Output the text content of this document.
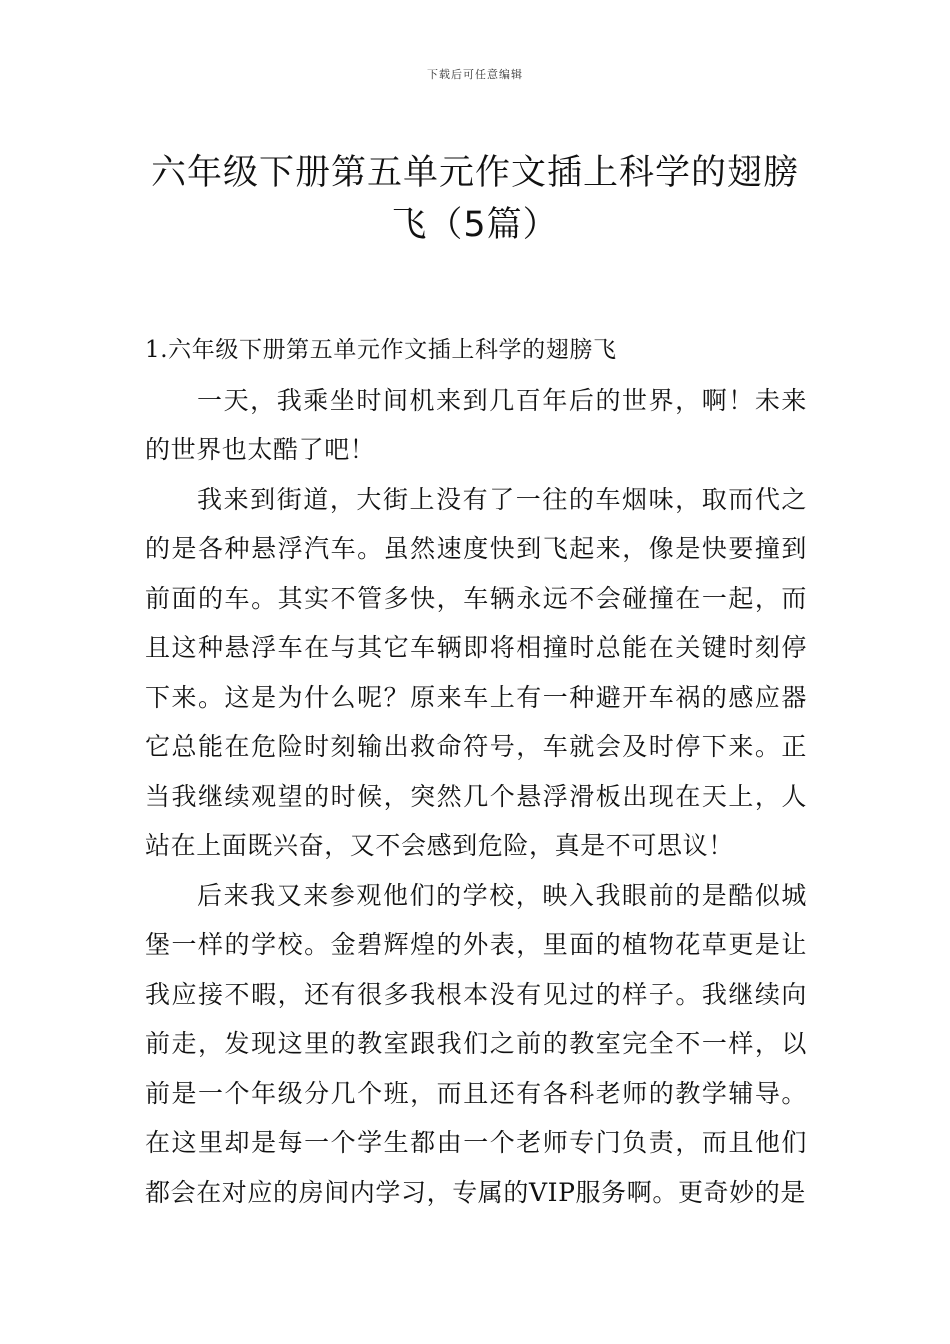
下载后可任意编辑
六年级下册第五单元作文插上科学的翅膀飞（5篇）

1.六年级下册第五单元作文插上科学的翅膀飞

一天，我乘坐时间机来到几百年后的世界，啊！未来的世界也太酷了吧！

我来到街道，大街上没有了一往的车烟味，取而代之的是各种悬浮汽车。虽然速度快到飞起来，像是快要撞到前面的车。其实不管多快，车辆永远不会碰撞在一起，而且这种悬浮车在与其它车辆即将相撞时总能在关键时刻停下来。这是为什么呢？原来车上有一种避开车祸的感应器它总能在危险时刻输出救命符号，车就会及时停下来。正当我继续观望的时候，突然几个悬浮滑板出现在天上，人站在上面既兴奋，又不会感到危险，真是不可思议！

后来我又来参观他们的学校，映入我眼前的是酷似城堡一样的学校。金碧辉煌的外表，里面的植物花草更是让我应接不暇，还有很多我根本没有见过的样子。我继续向前走，发现这里的教室跟我们之前的教室完全不一样，以前是一个年级分几个班，而且还有各科老师的教学辅导。在这里却是每一个学生都由一个老师专门负责，而且他们都会在对应的房间内学习，专属的VIP服务啊。更奇妙的是
